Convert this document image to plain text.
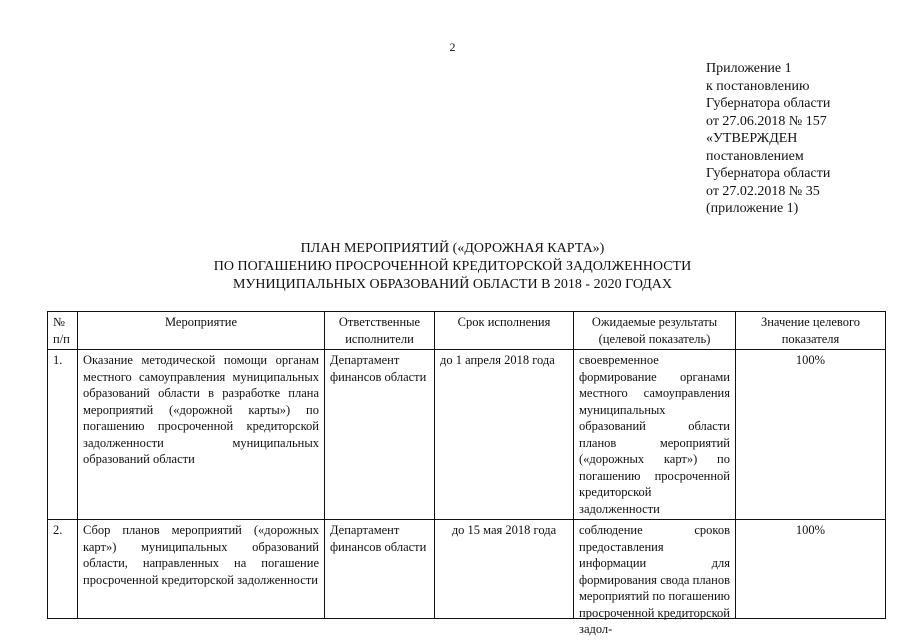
2
Приложение 1
к постановлению
Губернатора области
от 27.06.2018 № 157
«УТВЕРЖДЕН
постановлением
Губернатора области
от 27.02.2018 № 35
(приложение 1)
ПЛАН МЕРОПРИЯТИЙ («ДОРОЖНАЯ КАРТА»)
ПО ПОГАШЕНИЮ ПРОСРОЧЕННОЙ КРЕДИТОРСКОЙ ЗАДОЛЖЕННОСТИ
МУНИЦИПАЛЬНЫХ ОБРАЗОВАНИЙ ОБЛАСТИ В 2018 - 2020 ГОДАХ
№ п/п	Мероприятие	Ответственные исполнители	Срок исполнения	Ожидаемые результаты (целевой показатель)	Значение целевого показателя
1.	Оказание методической помощи органам местного самоуправления муниципальных образований области в разработке плана мероприятий («дорожной карты») по погашению просроченной кредиторской задолженности муниципальных образований области	Департамент финансов области	до 1 апреля 2018 года	своевременное формирование органами местного самоуправления муниципальных образований области планов мероприятий («дорожных карт») по погашению просроченной кредиторской задолженности	100%

2.	Сбор планов мероприятий («дорожных карт») муниципальных образований области, направленных на погашение просроченной кредиторской задолженности	Департамент финансов области	до 15 мая 2018 года	соблюдение сроков предоставления информации для формирования свода планов мероприятий по погашению просроченной кредиторской задол-	100%
